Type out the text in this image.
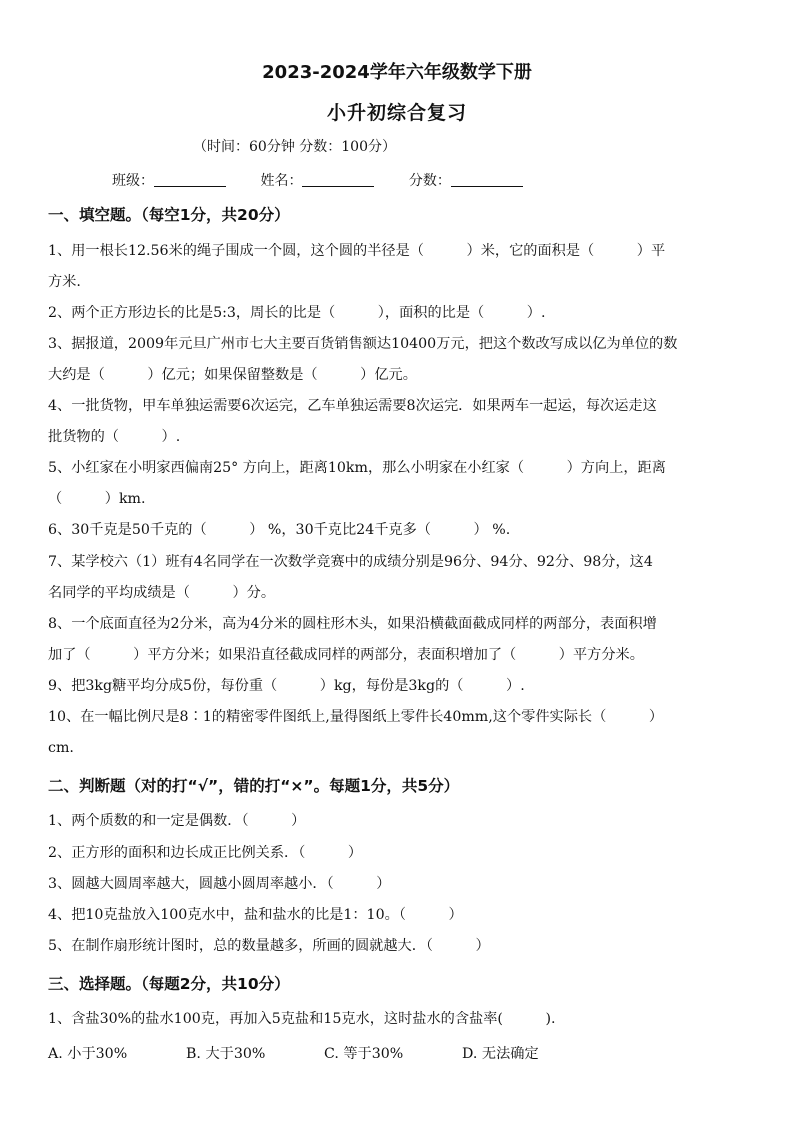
2023-2024学年六年级数学下册
小升初综合复习
（时间：60分钟 分数：100分）
班级：	姓名：	分数：
一、填空题。（每空1分，共20分）
1、用一根长12.56米的绳子围成一个圆，这个圆的半径是（　　　）米，它的面积是（　　　）平
方米.
2、两个正方形边长的比是5:3，周长的比是（　　　），面积的比是（　　　）.
3、据报道，2009年元旦广州市七大主要百货销售额达10400万元，把这个数改写成以亿为单位的数
大约是（　　　）亿元；如果保留整数是（　　　）亿元。
4、一批货物，甲车单独运需要6次运完，乙车单独运需要8次运完．如果两车一起运，每次运走这
批货物的（　　　）.
5、小红家在小明家西偏南25° 方向上，距离10km，那么小明家在小红家（　　　）方向上，距离
（　　　）km.
6、30千克是50千克的（　　　） %，30千克比24千克多（　　　） %.
7、某学校六（1）班有4名同学在一次数学竞赛中的成绩分别是96分、94分、92分、98分，这4
名同学的平均成绩是（　　　）分。
8、一个底面直径为2分米，高为4分米的圆柱形木头，如果沿横截面截成同样的两部分，表面积增
加了（　　　）平方分米；如果沿直径截成同样的两部分，表面积增加了（　　　）平方分米。
9、把3kg糖平均分成5份，每份重（　　　）kg，每份是3kg的（　　　）.
10、在一幅比例尺是8∶1的精密零件图纸上,量得图纸上零件长40mm,这个零件实际长（　　　）
cm.
二、判断题（对的打“√”，错的打“×”。每题1分，共5分）
1、两个质数的和一定是偶数．（　　　）
2、正方形的面积和边长成正比例关系．（　　　）
3、圆越大圆周率越大，圆越小圆周率越小．（　　　）
4、把10克盐放入100克水中，盐和盐水的比是1：10。（　　　）
5、在制作扇形统计图时，总的数量越多，所画的圆就越大．（　　　）
三、选择题。（每题2分，共10分）
1、含盐30%的盐水100克，再加入5克盐和15克水，这时盐水的含盐率(　　　).
A. 小于30%	B. 大于30%	C. 等于30%	D. 无法确定
